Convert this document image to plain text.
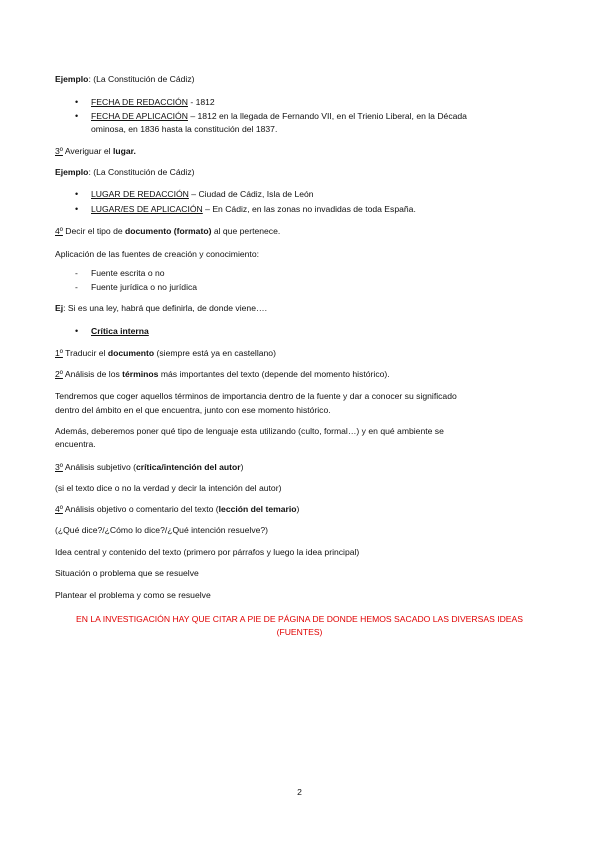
Ejemplo: (La Constitución de Cádiz)
• FECHA DE REDACCIÓN - 1812
• FECHA DE APLICACIÓN – 1812 en la llegada de Fernando VII, en el Trienio Liberal, en la Década
ominosa, en 1836 hasta la constitución del 1837.
3º Averiguar el lugar.
Ejemplo: (La Constitución de Cádiz)
• LUGAR DE REDACCIÓN – Ciudad de Cádiz, Isla de León
• LUGAR/ES DE APLICACIÓN – En Cádiz, en las zonas no invadidas de toda España.
4º Decir el tipo de documento (formato) al que pertenece.
Aplicación de las fuentes de creación y conocimiento:
- Fuente escrita o no
- Fuente jurídica o no jurídica
Ej: Si es una ley, habrá que definirla, de donde viene….
• Crítica interna
1º Traducir el documento (siempre está ya en castellano)
2º Análisis de los términos más importantes del texto (depende del momento histórico).
Tendremos que coger aquellos términos de importancia dentro de la fuente y dar a conocer su significado
dentro del ámbito en el que encuentra, junto con ese momento histórico.
Además, deberemos poner qué tipo de lenguaje esta utilizando (culto, formal…) y en qué ambiente se
encuentra.
3º Análisis subjetivo (crítica/intención del autor)
(si el texto dice o no la verdad y decir la intención del autor)
4º Análisis objetivo o comentario del texto (lección del temario)
(¿Qué dice?/¿Cómo lo dice?/¿Qué intención resuelve?)
Idea central y contenido del texto (primero por párrafos y luego la idea principal)
Situación o problema que se resuelve
Plantear el problema y como se resuelve
EN LA INVESTIGACIÓN HAY QUE CITAR A PIE DE PÁGINA DE DONDE HEMOS SACADO LAS DIVERSAS IDEAS
(FUENTES)
2
